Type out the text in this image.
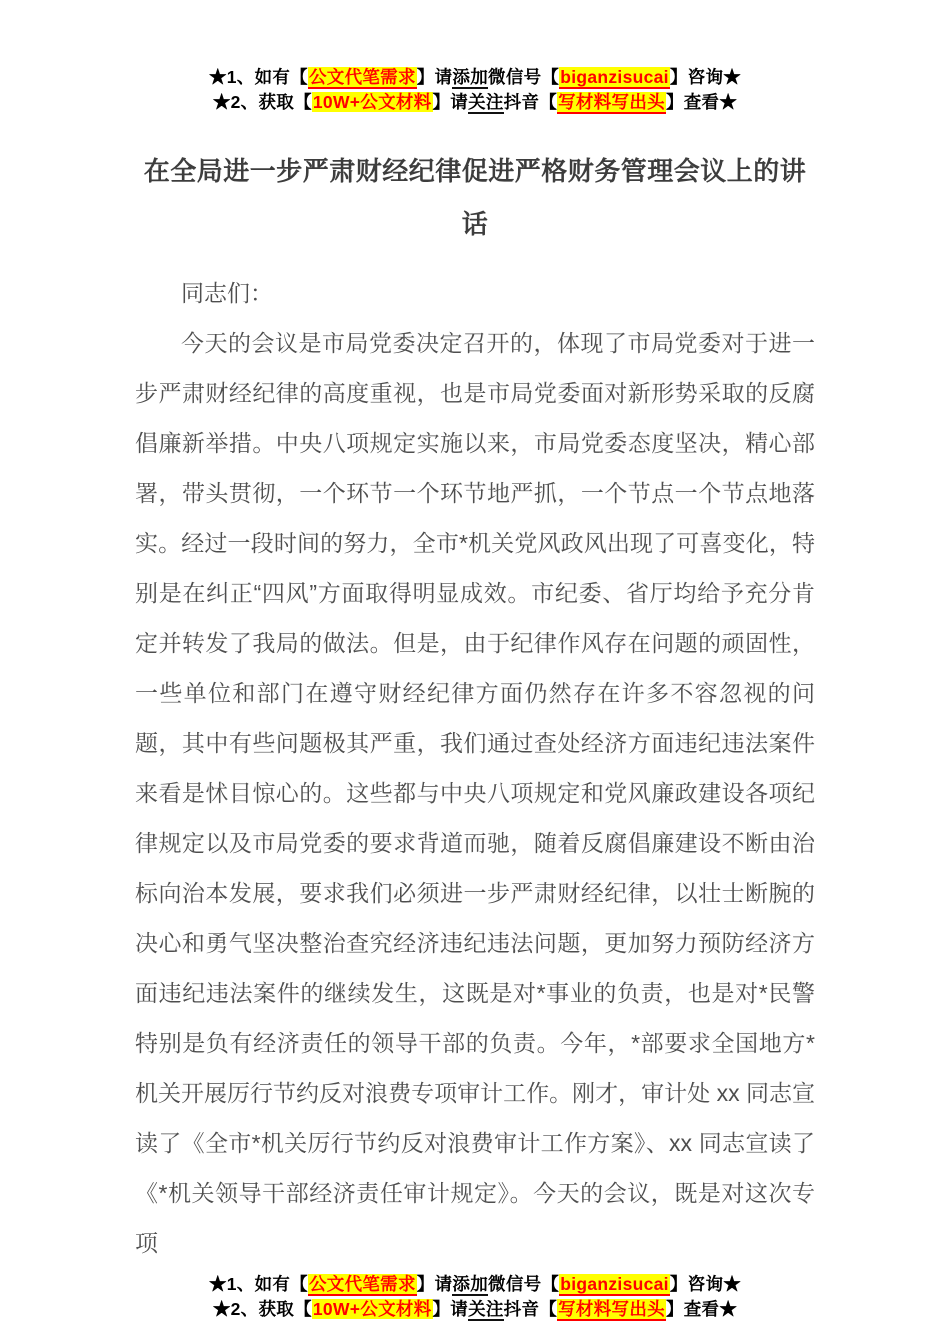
★1、如有【公文代笔需求】请添加微信号【biganzisucai】咨询★
★2、获取【10W+公文材料】请关注抖音【写材料写出头】查看★
在全局进一步严肃财经纪律促进严格财务管理会议上的讲话

同志们：

今天的会议是市局党委决定召开的，体现了市局党委对于进一步严肃财经纪律的高度重视，也是市局党委面对新形势采取的反腐倡廉新举措。中央八项规定实施以来，市局党委态度坚决，精心部署，带头贯彻，一个环节一个环节地严抓，一个节点一个节点地落实。经过一段时间的努力，全市*机关党风政风出现了可喜变化，特别是在纠正“四风”方面取得明显成效。市纪委、省厅均给予充分肯定并转发了我局的做法。但是，由于纪律作风存在问题的顽固性，一些单位和部门在遵守财经纪律方面仍然存在许多不容忽视的问题，其中有些问题极其严重，我们通过查处经济方面违纪违法案件来看是怵目惊心的。这些都与中央八项规定和党风廉政建设各项纪律规定以及市局党委的要求背道而驰，随着反腐倡廉建设不断由治标向治本发展，要求我们必须进一步严肃财经纪律，以壮士断腕的决心和勇气坚决整治查究经济违纪违法问题，更加努力预防经济方面违纪违法案件的继续发生，这既是对*事业的负责，也是对*民警特别是负有经济责任的领导干部的负责。今年，*部要求全国地方*机关开展厉行节约反对浪费专项审计工作。刚才，审计处 xx 同志宣读了《全市*机关厉行节约反对浪费审计工作方案》、xx 同志宣读了《*机关领导干部经济责任审计规定》。今天的会议，既是对这次专项

★1、如有【公文代笔需求】请添加微信号【biganzisucai】咨询★
★2、获取【10W+公文材料】请关注抖音【写材料写出头】查看★
